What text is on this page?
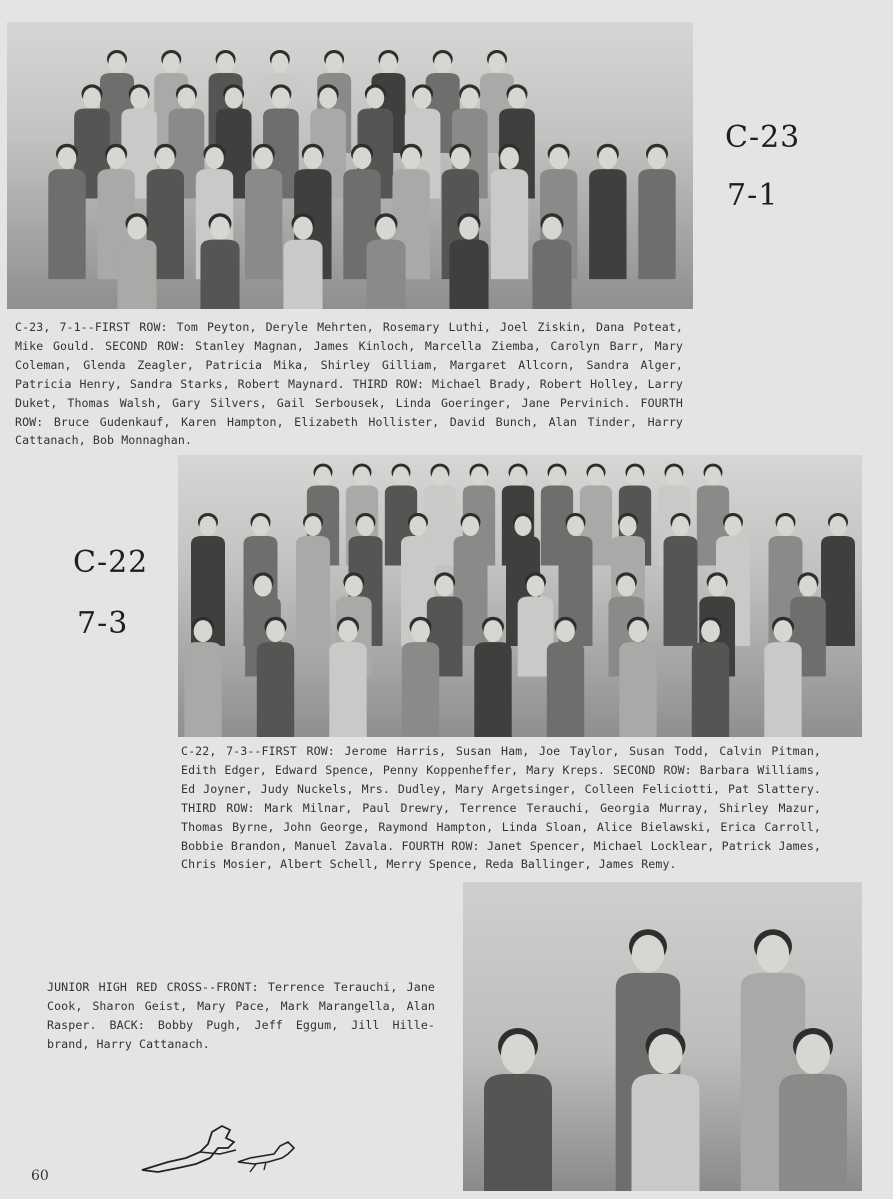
C-23
7-1
C-23, 7-1--FIRST ROW: Tom Peyton, Deryle Mehrten, Rosemary Luthi, Joel Ziskin, Dana Poteat, Mike Gould. SECOND ROW: Stanley Magnan, James Kinloch, Marcella Ziemba, Carolyn Barr, Mary Coleman, Glenda Zeagler, Patricia Mika, Shirley Gilliam, Margaret Allcorn, Sandra Alger, Patricia Henry, Sandra Starks, Robert Maynard. THIRD ROW: Michael Brady, Robert Holley, Larry Duket, Thomas Walsh, Gary Silvers, Gail Serbousek, Linda Goeringer, Jane Pervinich. FOURTH ROW: Bruce Gudenkauf, Karen Hampton, Elizabeth Hollister, David Bunch, Alan Tinder, Harry Cattanach, Bob Monnaghan.
C-22
7-3
C-22, 7-3--FIRST ROW: Jerome Harris, Susan Ham, Joe Taylor, Susan Todd, Calvin Pitman, Edith Edger, Edward Spence, Penny Koppenheffer, Mary Kreps. SECOND ROW: Barbara Williams, Ed Joyner, Judy Nuckels, Mrs. Dudley, Mary Argetsinger, Colleen Feliciotti, Pat Slattery. THIRD ROW: Mark Milnar, Paul Drewry, Terrence Terauchi, Georgia Murray, Shirley Mazur, Thomas Byrne, John George, Raymond Hampton, Linda Sloan, Alice Bielawski, Erica Carroll, Bobbie Brandon, Manuel Zavala. FOURTH ROW: Janet Spencer, Michael Locklear, Patrick James, Chris Mosier, Albert Schell, Merry Spence, Reda Ballinger, James Remy.
JUNIOR HIGH RED CROSS--FRONT: Terrence Terauchi, Jane Cook, Sharon Geist, Mary Pace, Mark Marangella, Alan Rasper. BACK: Bobby Pugh, Jeff Eggum, Jill Hille-brand, Harry Cattanach.
60
